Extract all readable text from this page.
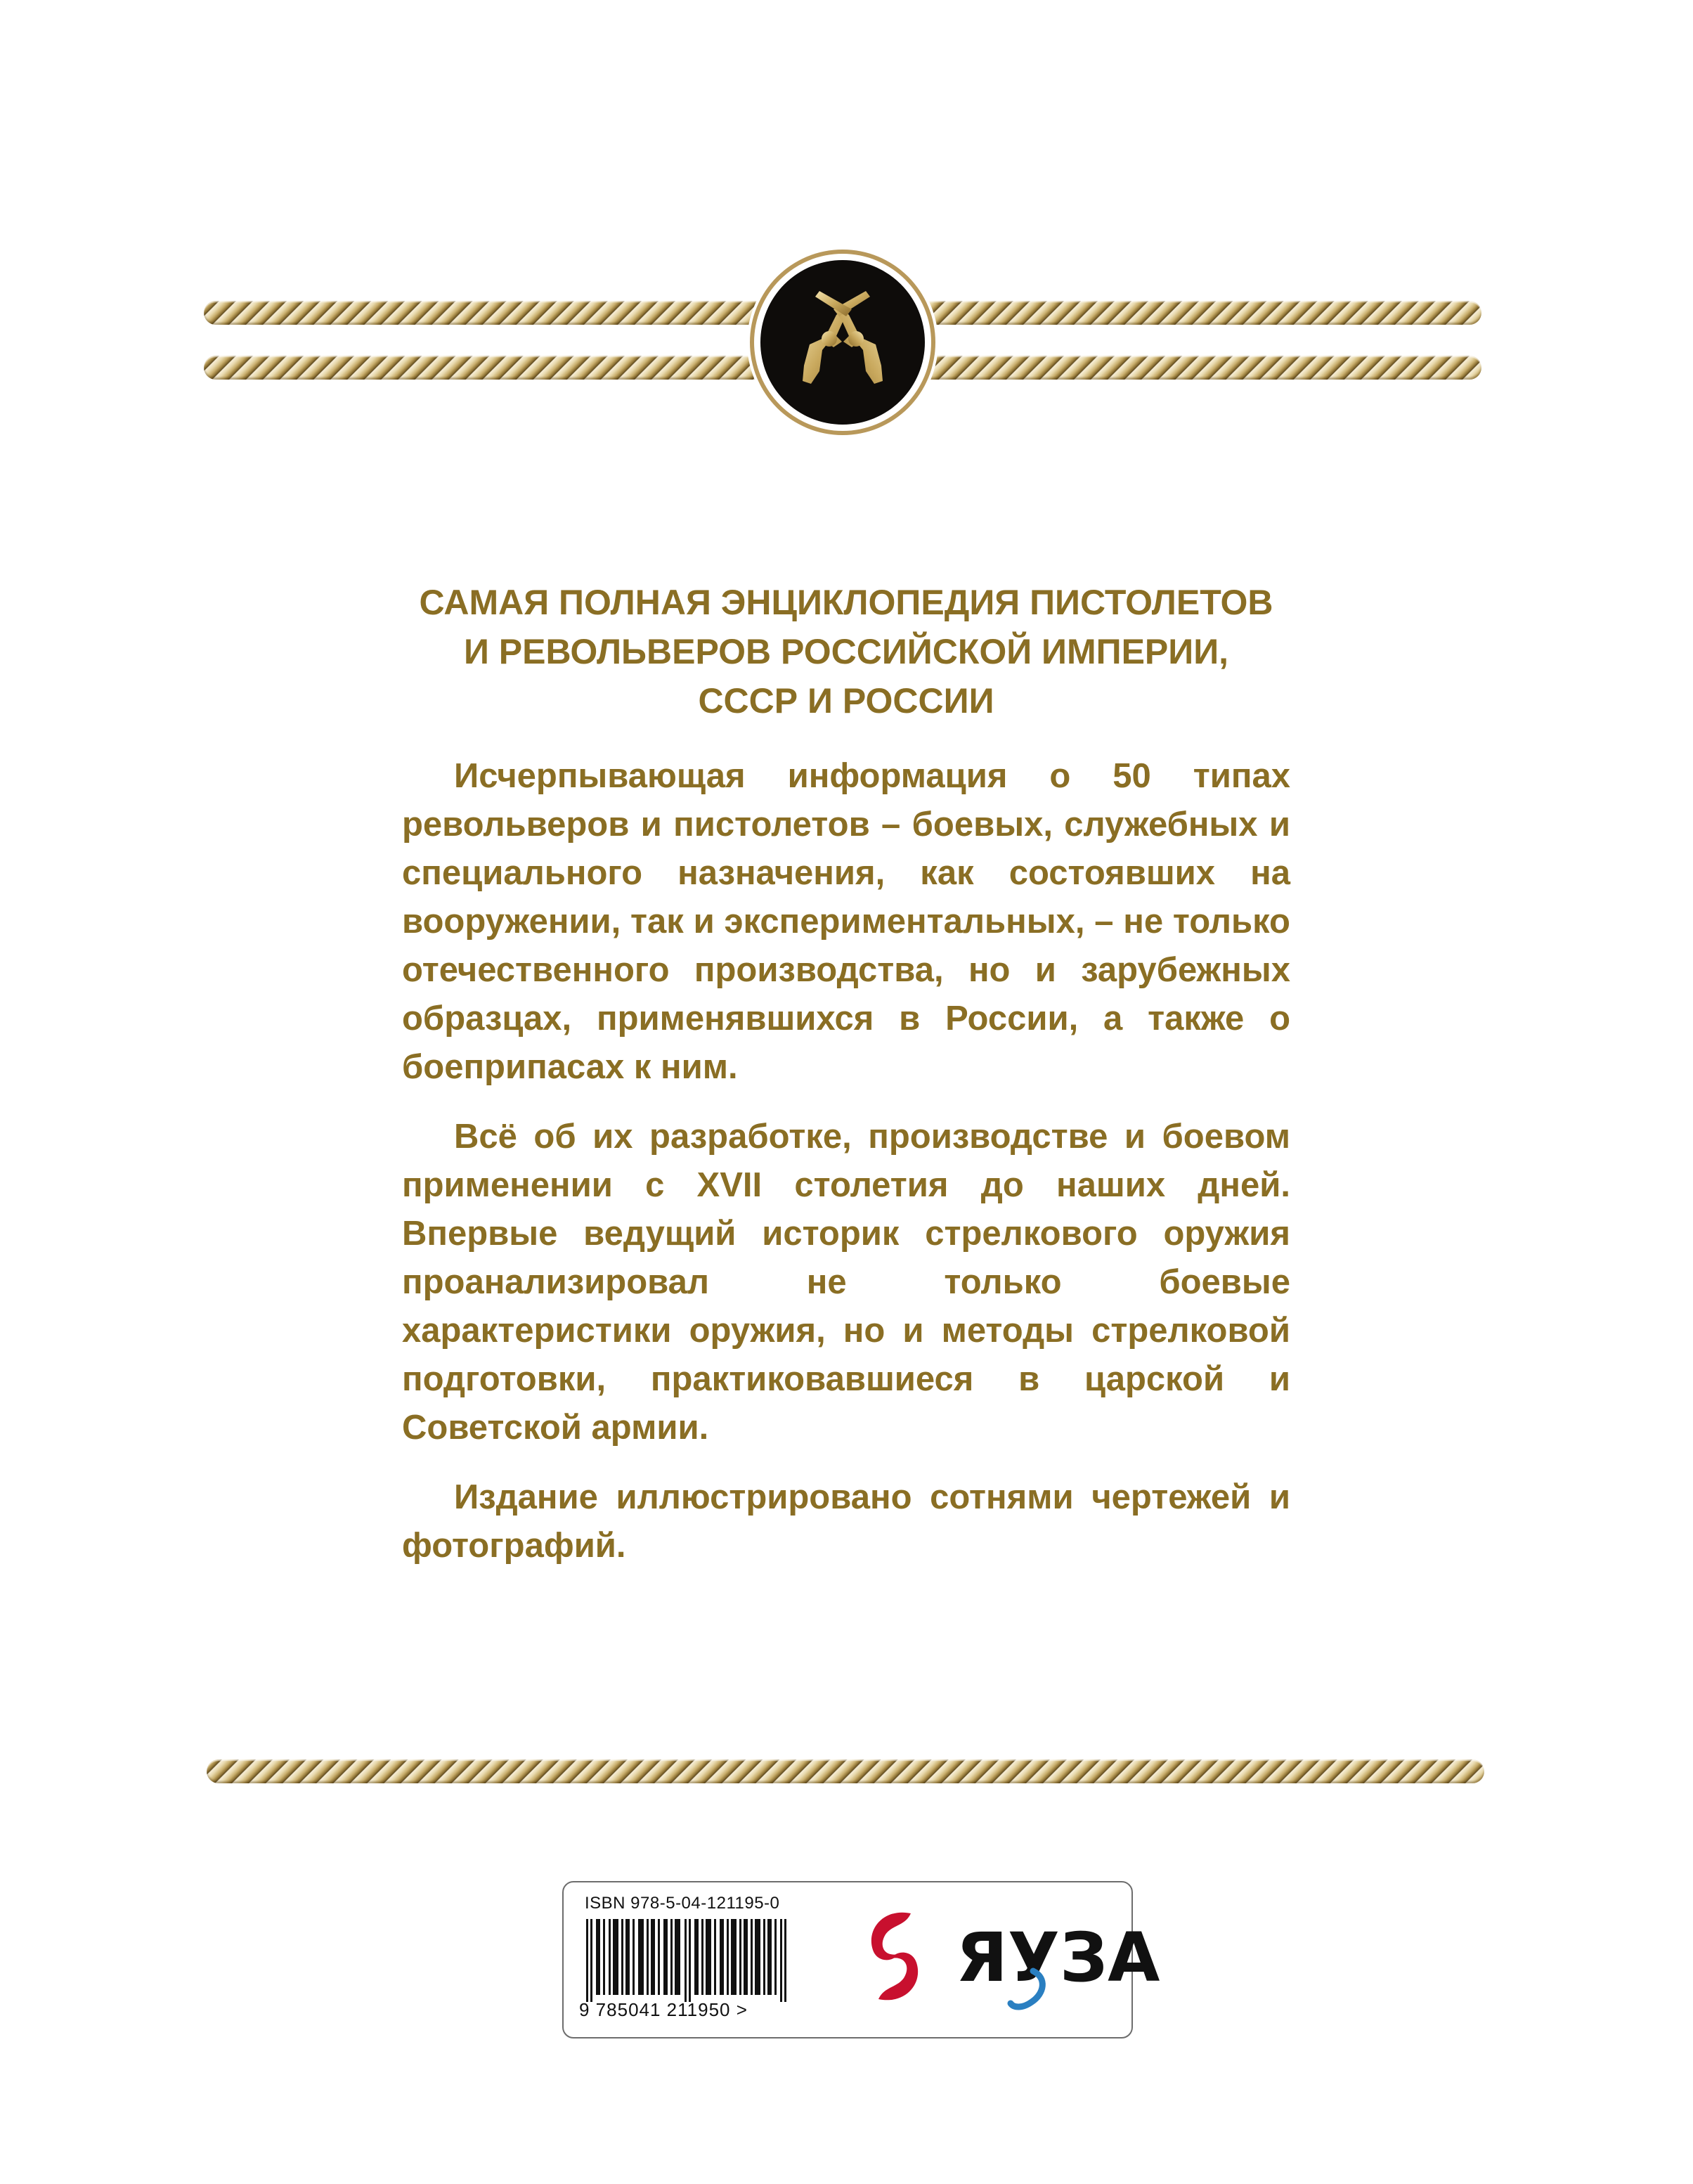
САМАЯ ПОЛНАЯ ЭНЦИКЛОПЕДИЯ ПИСТОЛЕТОВ
И РЕВОЛЬВЕРОВ РОССИЙСКОЙ ИМПЕРИИ,
СССР И РОССИИ

Исчерпывающая информация о 50 типах револьверов и пистолетов – боевых, служебных и специального назначения, как состоявших на вооружении, так и экспериментальных, – не только отечественного производства, но и зарубежных образцах, применявшихся в России, а также о боеприпасах к ним.

Всё об их разработке, производстве и боевом применении с XVII столетия до наших дней. Впервые ведущий историк стрелкового оружия проанализировал не только боевые характеристики оружия, но и методы стрелковой подготовки, практиковавшиеся в царской и Советской армии.

Издание иллюстрировано сотнями чертежей и фотографий.

ISBN 978-5-04-121195-0
9 785041 211950 >
ЯУЗА
